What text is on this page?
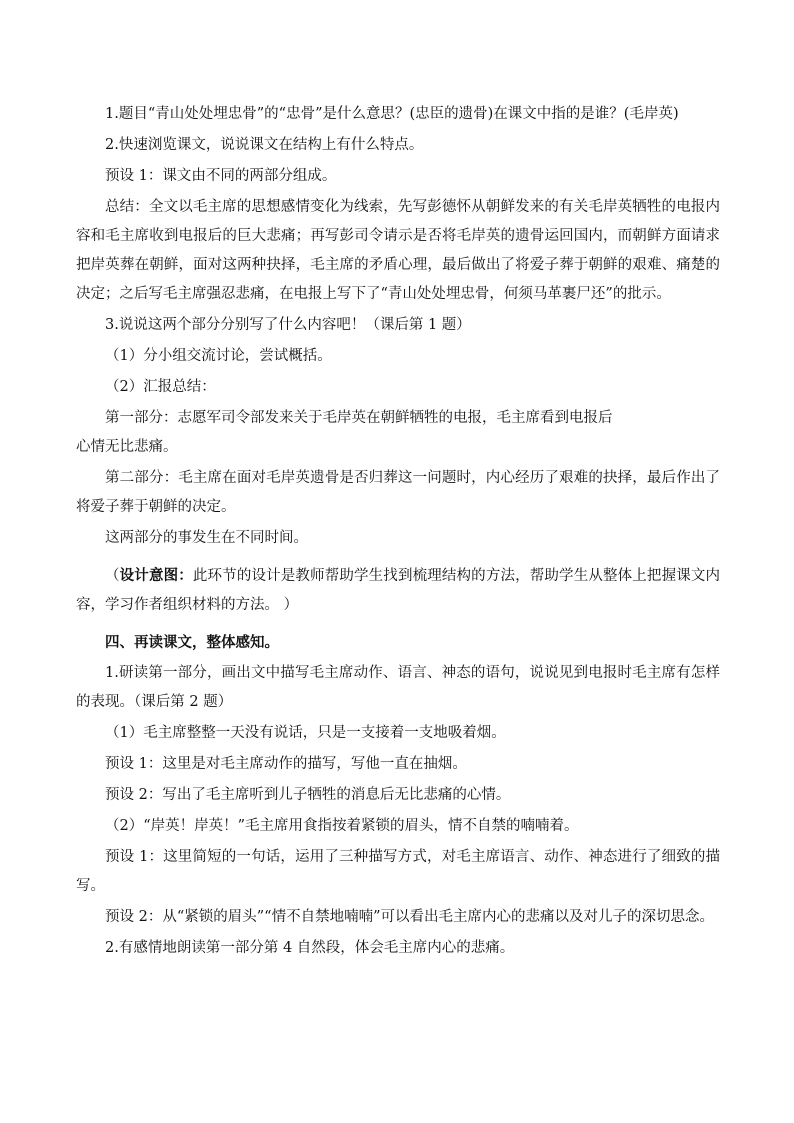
1.题目“青山处处埋忠骨”的“忠骨”是什么意思？(忠臣的遗骨)在课文中指的是谁？(毛岸英)

2.快速浏览课文，说说课文在结构上有什么特点。

预设 1：课文由不同的两部分组成。

总结：全文以毛主席的思想感情变化为线索，先写彭德怀从朝鲜发来的有关毛岸英牺牲的电报内容和毛主席收到电报后的巨大悲痛；再写彭司令请示是否将毛岸英的遗骨运回国内，而朝鲜方面请求把岸英葬在朝鲜，面对这两种抉择，毛主席的矛盾心理，最后做出了将爱子葬于朝鲜的艰难、痛楚的决定；之后写毛主席强忍悲痛，在电报上写下了“青山处处埋忠骨，何须马革裹尸还”的批示。

3.说说这两个部分分别写了什么内容吧！（课后第 1 题）

（1）分小组交流讨论，尝试概括。

（2）汇报总结：

第一部分：志愿军司令部发来关于毛岸英在朝鲜牺牲的电报，毛主席看到电报后

心情无比悲痛。

第二部分：毛主席在面对毛岸英遗骨是否归葬这一问题时，内心经历了艰难的抉择，最后作出了将爱子葬于朝鲜的决定。

这两部分的事发生在不同时间。

（设计意图：此环节的设计是教师帮助学生找到梳理结构的方法，帮助学生从整体上把握课文内容，学习作者组织材料的方法。 ）

四、再读课文，整体感知。

1.研读第一部分，画出文中描写毛主席动作、语言、神态的语句，说说见到电报时毛主席有怎样的表现。（课后第 2 题）

（1）毛主席整整一天没有说话，只是一支接着一支地吸着烟。

预设 1：这里是对毛主席动作的描写，写他一直在抽烟。

预设 2：写出了毛主席听到儿子牺牲的消息后无比悲痛的心情。

（2）“岸英！岸英！”毛主席用食指按着紧锁的眉头，情不自禁的喃喃着。

预设 1：这里简短的一句话，运用了三种描写方式，对毛主席语言、动作、神态进行了细致的描写。

预设 2：从“紧锁的眉头”“情不自禁地喃喃”可以看出毛主席内心的悲痛以及对儿子的深切思念。

2.有感情地朗读第一部分第 4 自然段，体会毛主席内心的悲痛。
